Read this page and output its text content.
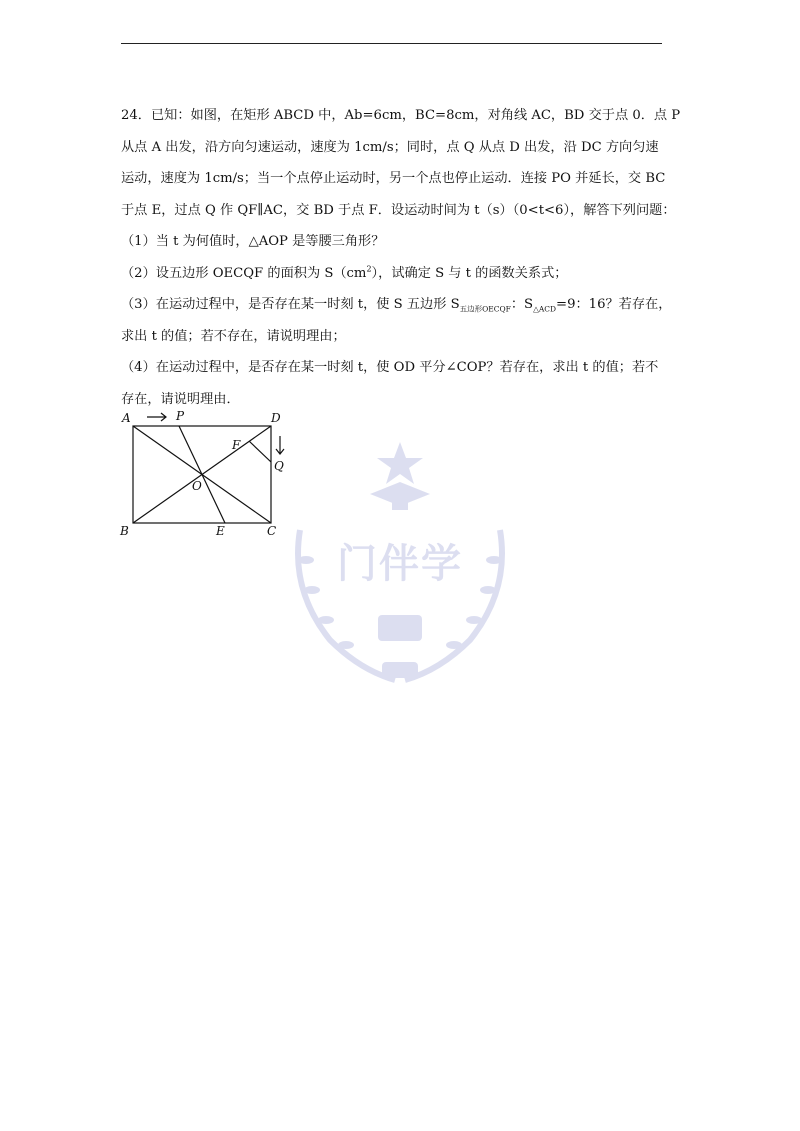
24．已知：如图，在矩形 ABCD 中，Ab=6cm，BC=8cm，对角线 AC，BD 交于点 0．点 P
从点 A 出发，沿方向匀速运动，速度为 1cm/s；同时，点 Q 从点 D 出发，沿 DC 方向匀速
运动，速度为 1cm/s；当一个点停止运动时，另一个点也停止运动．连接 PO 并延长，交 BC
于点 E，过点 Q 作 QF∥AC，交 BD 于点 F．设运动时间为 t（s）（0<t<6），解答下列问题：
（1）当 t 为何值时，△AOP 是等腰三角形？
（2）设五边形 OECQF 的面积为 $S(cm^2)$，试确定 S 与 t 的函数关系式；
（3）在运动过程中，是否存在某一时刻 t，使 S 五边形 $S_{五边形OECQF}$：$S_{\triangle ACD}=9$：16？若存在，
求出 t 的值；若不存在，请说明理由；
（4）在运动过程中，是否存在某一时刻 t，使 OD 平分∠COP？若存在，求出 t 的值；若不
存在，请说明理由．
A	P	D
F
Q
O
B	E	C
门伴学
